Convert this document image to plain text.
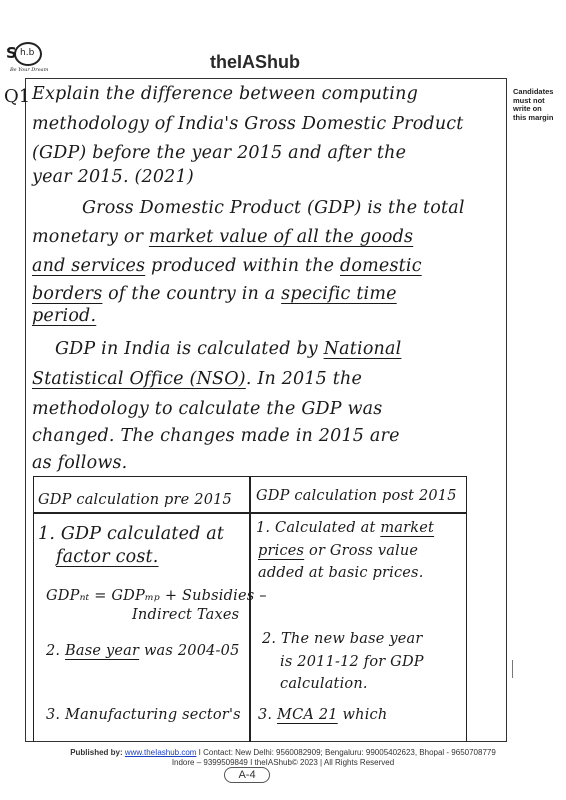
S h.b
Be Your Dream	theIAShub
Candidates
must not
write on
this margin
Q1 Explain the difference between computing
methodology of India's Gross Domestic Product
(GDP) before the year 2015 and after the
year 2015. (2021)
Gross Domestic Product (GDP) is the total
monetary or market value of all the goods
and services produced within the domestic
borders of the country in a specific time
period.
GDP in India is calculated by National
Statistical Office (NSO). In 2015 the
methodology to calculate the GDP was
changed. The changes made in 2015 are
as follows.
GDP calculation pre 2015 GDP calculation post 2015
1. GDP calculated at
factor cost.
GDPₙₜ = GDPₘₚ + Subsidies –
Indirect Taxes
2. Base year was 2004-05
3. Manufacturing sector's
1. Calculated at market
prices or Gross value
added at basic prices.
2. The new base year
is 2011-12 for GDP
calculation.
3. MCA 21 which
Published by: www.theIashub.com I Contact: New Delhi: 9560082909; Bengaluru: 99005402623, Bhopal - 9650708779
Indore – 9399509849 I theIAShub© 2023 | All Rights Reserved
A-4
